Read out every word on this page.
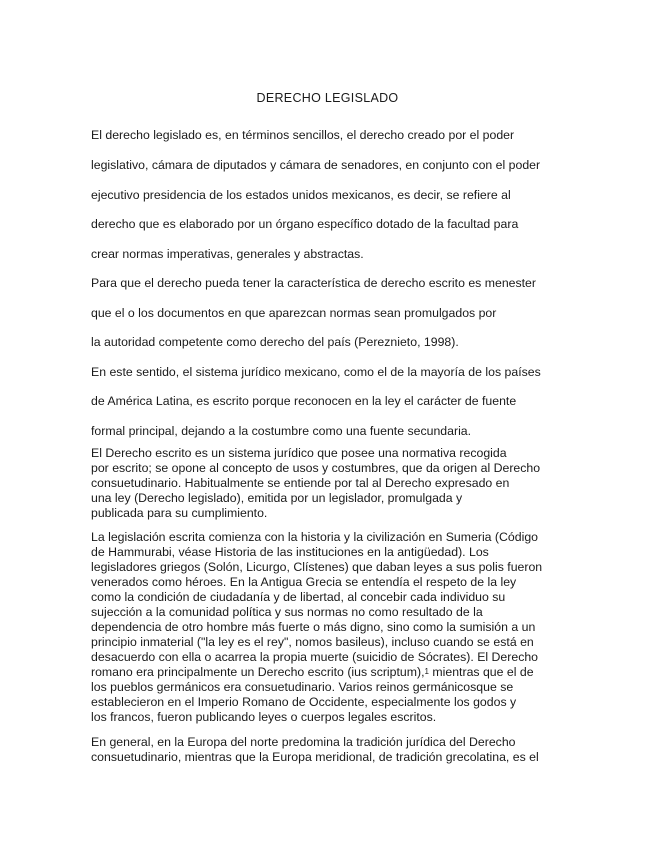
DERECHO LEGISLADO
El derecho legislado es, en términos sencillos, el derecho creado por el poder
legislativo, cámara de diputados y cámara de senadores, en conjunto con el poder
ejecutivo presidencia de los estados unidos mexicanos, es decir, se refiere al
derecho que es elaborado por un órgano específico dotado de la facultad para
crear normas imperativas, generales y abstractas.
Para que el derecho pueda tener la característica de derecho escrito es menester
que el o los documentos en que aparezcan normas sean promulgados por
la autoridad competente como derecho del país (Pereznieto, 1998).
En este sentido, el sistema jurídico mexicano, como el de la mayoría de los países
de América Latina, es escrito porque reconocen en la ley el carácter de fuente
formal principal, dejando a la costumbre como una fuente secundaria.
El Derecho escrito es un sistema jurídico que posee una normativa recogida
por escrito; se opone al concepto de usos y costumbres, que da origen al Derecho
consuetudinario. Habitualmente se entiende por tal al Derecho expresado en
una ley (Derecho legislado), emitida por un legislador, promulgada y
publicada para su cumplimiento.
La legislación escrita comienza con la historia y la civilización en Sumeria (Código
de Hammurabi, véase Historia de las instituciones en la antigüedad). Los
legisladores griegos (Solón, Licurgo, Clístenes) que daban leyes a sus polis fueron
venerados como héroes. En la Antigua Grecia se entendía el respeto de la ley
como la condición de ciudadanía y de libertad, al concebir cada individuo su
sujección a la comunidad política y sus normas no como resultado de la
dependencia de otro hombre más fuerte o más digno, sino como la sumisión a un
principio inmaterial ("la ley es el rey", nomos basileus), incluso cuando se está en
desacuerdo con ella o acarrea la propia muerte (suicidio de Sócrates). El Derecho
romano era principalmente un Derecho escrito (ius scriptum),$^1$ mientras que el de
los pueblos germánicos era consuetudinario. Varios reinos germánicosque se
establecieron en el Imperio Romano de Occidente, especialmente los godos y
los francos, fueron publicando leyes o cuerpos legales escritos.
En general, en la Europa del norte predomina la tradición jurídica del Derecho
consuetudinario, mientras que la Europa meridional, de tradición grecolatina, es el
